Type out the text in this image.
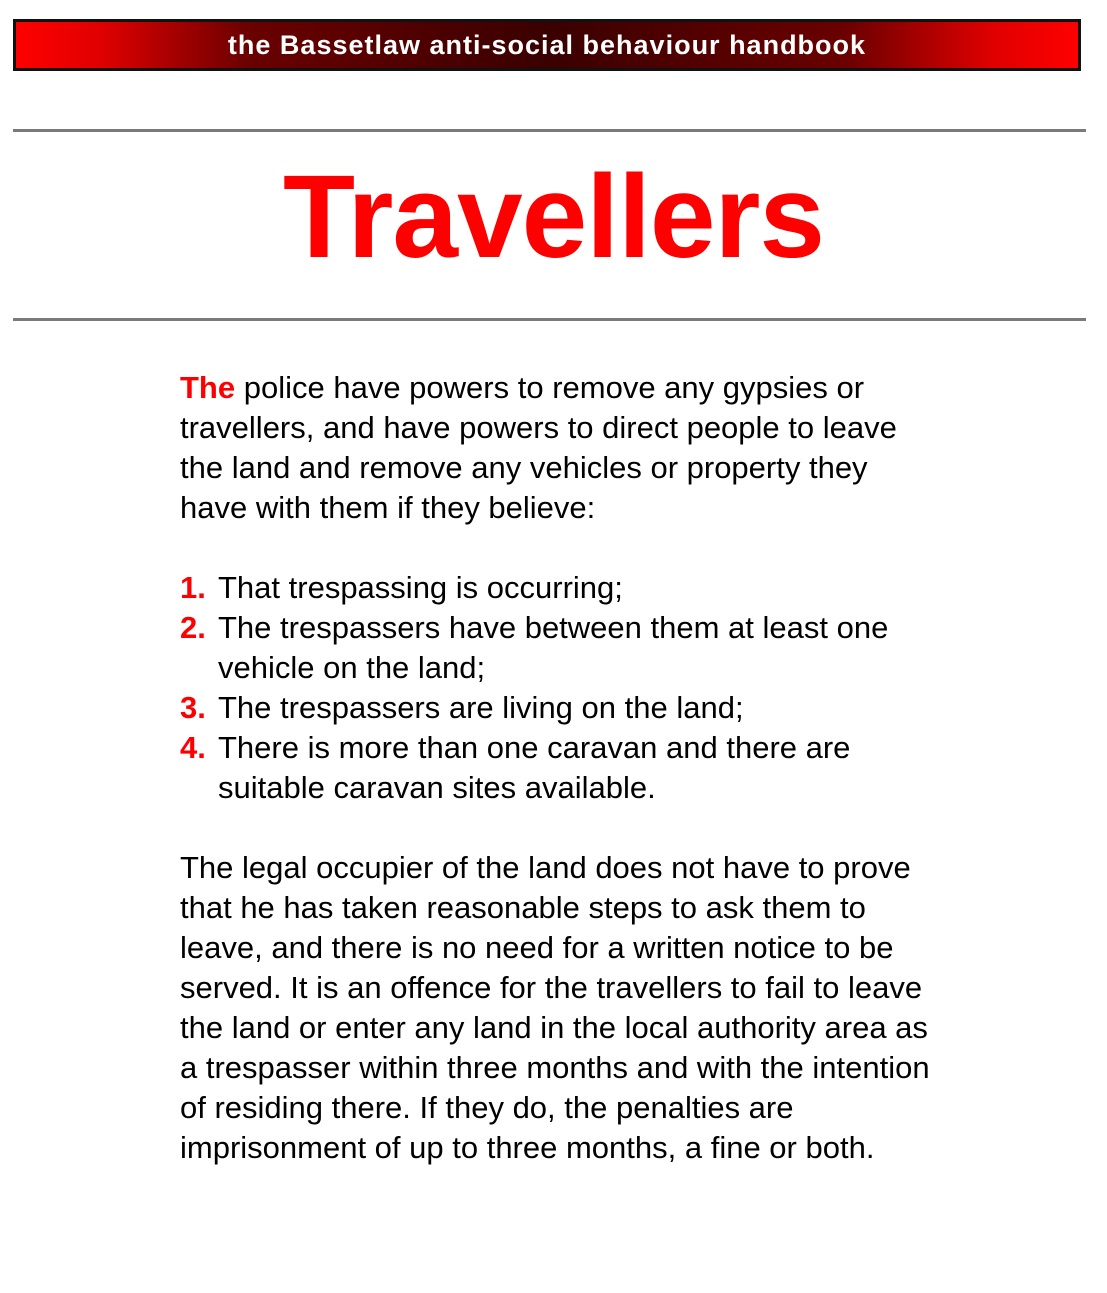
the Bassetlaw anti-social behaviour handbook
Travellers

The police have powers to remove any gypsies or travellers, and have powers to direct people to leave the land and remove any vehicles or property they have with them if they believe:

1. That trespassing is occurring;
2. The trespassers have between them at least one vehicle on the land;
3. The trespassers are living on the land;
4. There is more than one caravan and there are suitable caravan sites available.

The legal occupier of the land does not have to prove that he has taken reasonable steps to ask them to leave, and there is no need for a written notice to be served. It is an offence for the travellers to fail to leave the land or enter any land in the local authority area as a trespasser within three months and with the intention of residing there. If they do, the penalties are imprisonment of up to three months, a fine or both.
